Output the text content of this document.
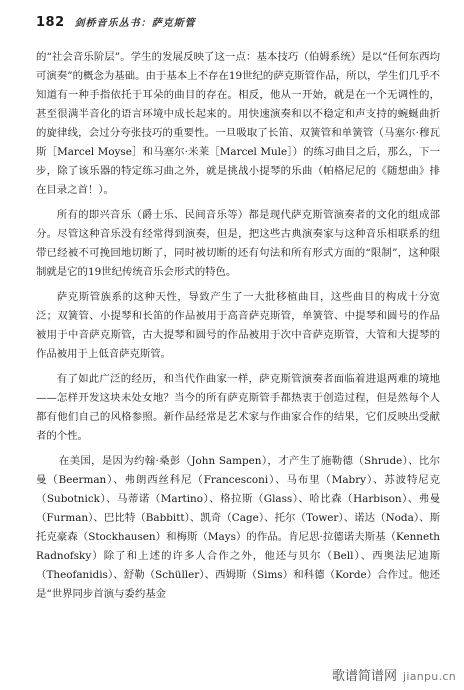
182 剑桥音乐丛书：萨克斯管

的“社会音乐阶层”。学生的发展反映了这一点：基本技巧（伯姆系统）是以“任何东西均可演奏”的概念为基础。由于基本上不存在19世纪的萨克斯管作品，所以，学生们几乎不知道有一种手指依托于耳朵的曲目的存在。相反，他从一开始，就是在一个无调性的，甚至很满半音化的语言环境中成长起来的。用快速演奏和以不稳定和声支持的蜿蜒曲折的旋律线，会过分夸张技巧的重要性。一旦吸取了长笛、双簧管和单簧管（马塞尔·穆瓦斯［Marcel Moyse］和马塞尔·米莱［Marcel Mule］）的练习曲目之后，那么，下一步，除了该乐器的特定练习曲之外，就是挑战小提琴的乐曲（帕格尼尼的《随想曲》排在目录之首！）。

所有的即兴音乐（爵士乐、民间音乐等）都是现代萨克斯管演奏者的文化的组成部分。尽管这种音乐没有经常得到演奏，但是，把这些古典演奏家与这种音乐相联系的纽带已经被不可挽回地切断了，同时被切断的还有句法和所有形式方面的“限制”，这种限制就是它的19世纪传统音乐会形式的特色。

萨克斯管族系的这种天性，导致产生了一大批移植曲目，这些曲目的构成十分宽泛；双簧管、小提琴和长笛的作品被用于高音萨克斯管，单簧管、中提琴和圆号的作品被用于中音萨克斯管，古大提琴和圆号的作品被用于次中音萨克斯管，大管和大提琴的作品被用于上低音萨克斯管。

有了如此广泛的经历，和当代作曲家一样，萨克斯管演奏者面临着进退两难的境地——怎样开发这块未处女地？当今的所有萨克斯管手都热衷于创造过程，但是然每个人都有他们自己的风格参照。新作品经常是艺术家与作曲家合作的结果，它们反映出受献者的个性。

在美国，是因为约翰·桑彭（John Sampen），才产生了施勒德（Shrude）、比尔曼（Beerman）、弗朗西丝科尼（Francesconi）、马布里（Mabry）、苏波特尼克（Subotnick）、马蒂诺（Martino）、格拉斯（Glass）、哈比森（Harbison）、弗曼（Furman）、巴比特（Babbitt）、凯奇（Cage）、托尔（Tower）、诺达（Noda）、斯托克豪森（Stockhausen）和梅斯（Mays）的作品。肯尼思·拉德诺夫斯基（Kenneth Radnofsky）除了和上述的许多人合作之外，他还与贝尔（Bell）、西奥法尼迪斯（Theofanidis）、舒勒（Schüller）、西姆斯（Sims）和科德（Korde）合作过。他还是“世界同步首演与委约基金

歌谱简谱网 jianpu.cn
